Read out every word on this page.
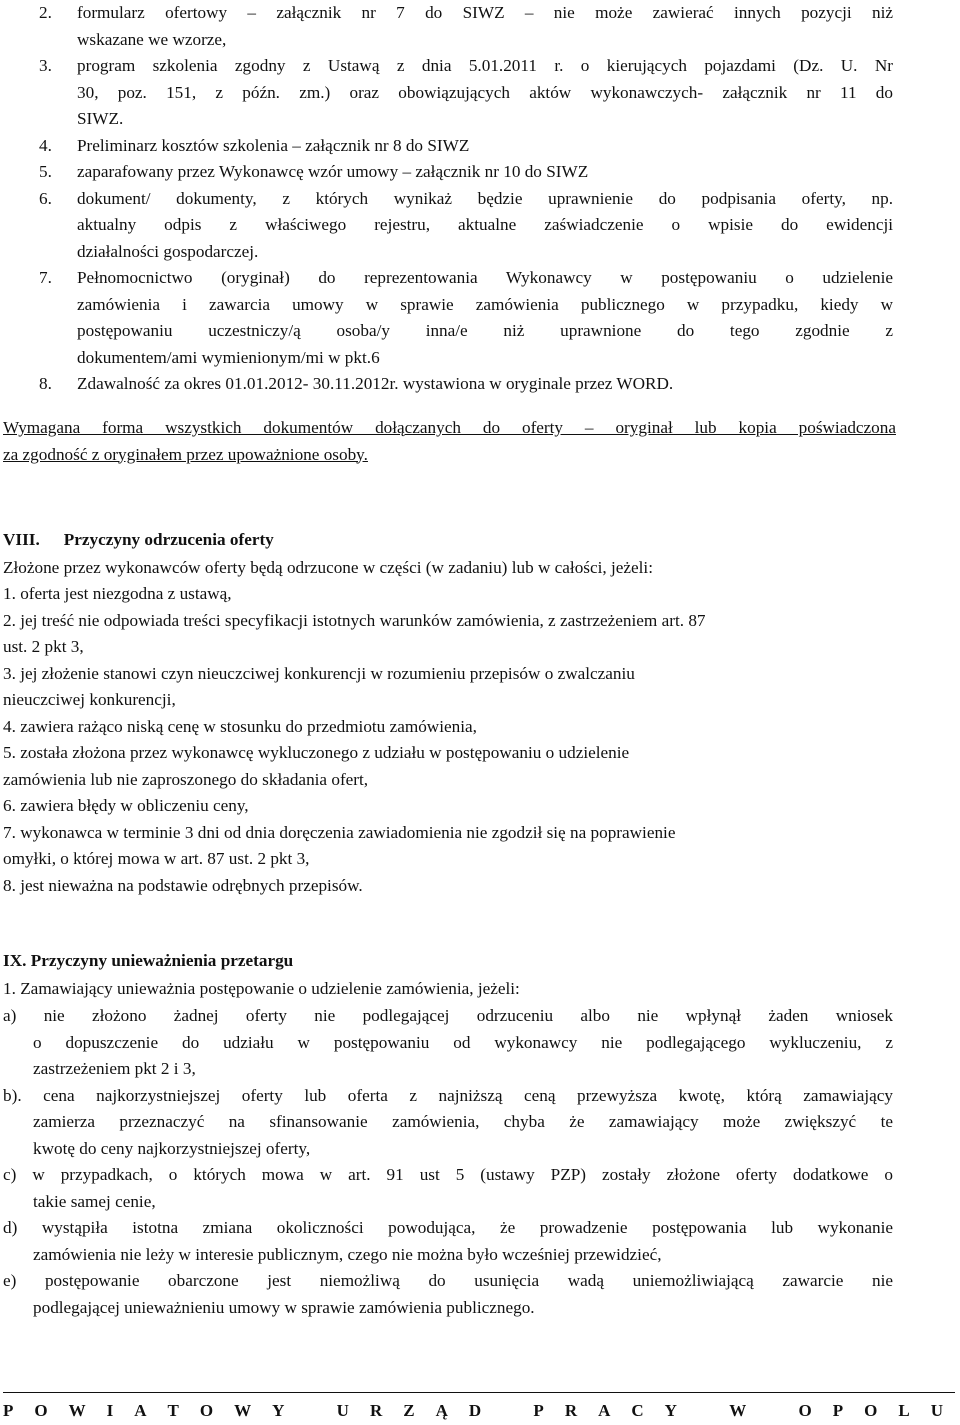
2. formularz ofertowy – załącznik nr 7 do SIWZ – nie może zawierać innych pozycji niż
wskazane we wzorze,
3. program szkolenia zgodny z Ustawą z dnia 5.01.2011 r. o kierujących pojazdami (Dz. U. Nr
30, poz. 151, z późn. zm.) oraz obowiązujących aktów wykonawczych- załącznik nr 11 do
SIWZ.
4. Preliminarz kosztów szkolenia – załącznik nr 8 do SIWZ
5. zaparafowany przez Wykonawcę wzór umowy – załącznik nr 10 do SIWZ
6. dokument/ dokumenty, z których wynikaż będzie uprawnienie do podpisania oferty, np.
aktualny odpis z właściwego rejestru, aktualne zaświadczenie o wpisie do ewidencji
działalności gospodarczej.
7. Pełnomocnictwo (oryginał) do reprezentowania Wykonawcy w postępowaniu o udzielenie
zamówienia i zawarcia umowy w sprawie zamówienia publicznego w przypadku, kiedy w
postępowaniu uczestniczy/ą osoba/y inna/e niż uprawnione do tego zgodnie z
dokumentem/ami wymienionym/mi w pkt.6
8. Zdawalność za okres 01.01.2012- 30.11.2012r. wystawiona w oryginale przez WORD.
Wymagana forma wszystkich dokumentów dołączanych do oferty – oryginał lub kopia poświadczona
za zgodność z oryginałem przez upoważnione osoby.
VIII. Przyczyny odrzucenia oferty
Złożone przez wykonawców oferty będą odrzucone w części (w zadaniu) lub w całości, jeżeli:
1. oferta jest niezgodna z ustawą,
2. jej treść nie odpowiada treści specyfikacji istotnych warunków zamówienia, z zastrzeżeniem art. 87
ust. 2 pkt 3,
3. jej złożenie stanowi czyn nieuczciwej konkurencji w rozumieniu przepisów o zwalczaniu
nieuczciwej konkurencji,
4. zawiera rażąco niską cenę w stosunku do przedmiotu zamówienia,
5. została złożona przez wykonawcę wykluczonego z udziału w postępowaniu o udzielenie
zamówienia lub nie zaproszonego do składania ofert,
6. zawiera błędy w obliczeniu ceny,
7. wykonawca w terminie 3 dni od dnia doręczenia zawiadomienia nie zgodził się na poprawienie
omyłki, o której mowa w art. 87 ust. 2 pkt 3,
8. jest nieważna na podstawie odrębnych przepisów.
IX. Przyczyny unieważnienia przetargu
1. Zamawiający unieważnia postępowanie o udzielenie zamówienia, jeżeli:
a) nie złożono żadnej oferty nie podlegającej odrzuceniu albo nie wpłynął żaden wniosek
o dopuszczenie do udziału w postępowaniu od wykonawcy nie podlegającego wykluczeniu, z
zastrzeżeniem pkt 2 i 3,
b). cena najkorzystniejszej oferty lub oferta z najniższą ceną przewyższa kwotę, którą zamawiający
zamierza przeznaczyć na sfinansowanie zamówienia, chyba że zamawiający może zwiększyć te
kwotę do ceny najkorzystniejszej oferty,
c) w przypadkach, o których mowa w art. 91 ust 5 (ustawy PZP) zostały złożone oferty dodatkowe o
takie samej cenie,
d) wystąpiła istotna zmiana okoliczności powodująca, że prowadzenie postępowania lub wykonanie
zamówienia nie leży w interesie publicznym, czego nie można było wcześniej przewidzieć,
e) postępowanie obarczone jest niemożliwą do usunięcia wadą uniemożliwiającą zawarcie nie
podlegającej unieważnieniu umowy w sprawie zamówienia publicznego.
P O W I A T O W Y	U R Z Ą D	P R A C Y	W	O P O L U
